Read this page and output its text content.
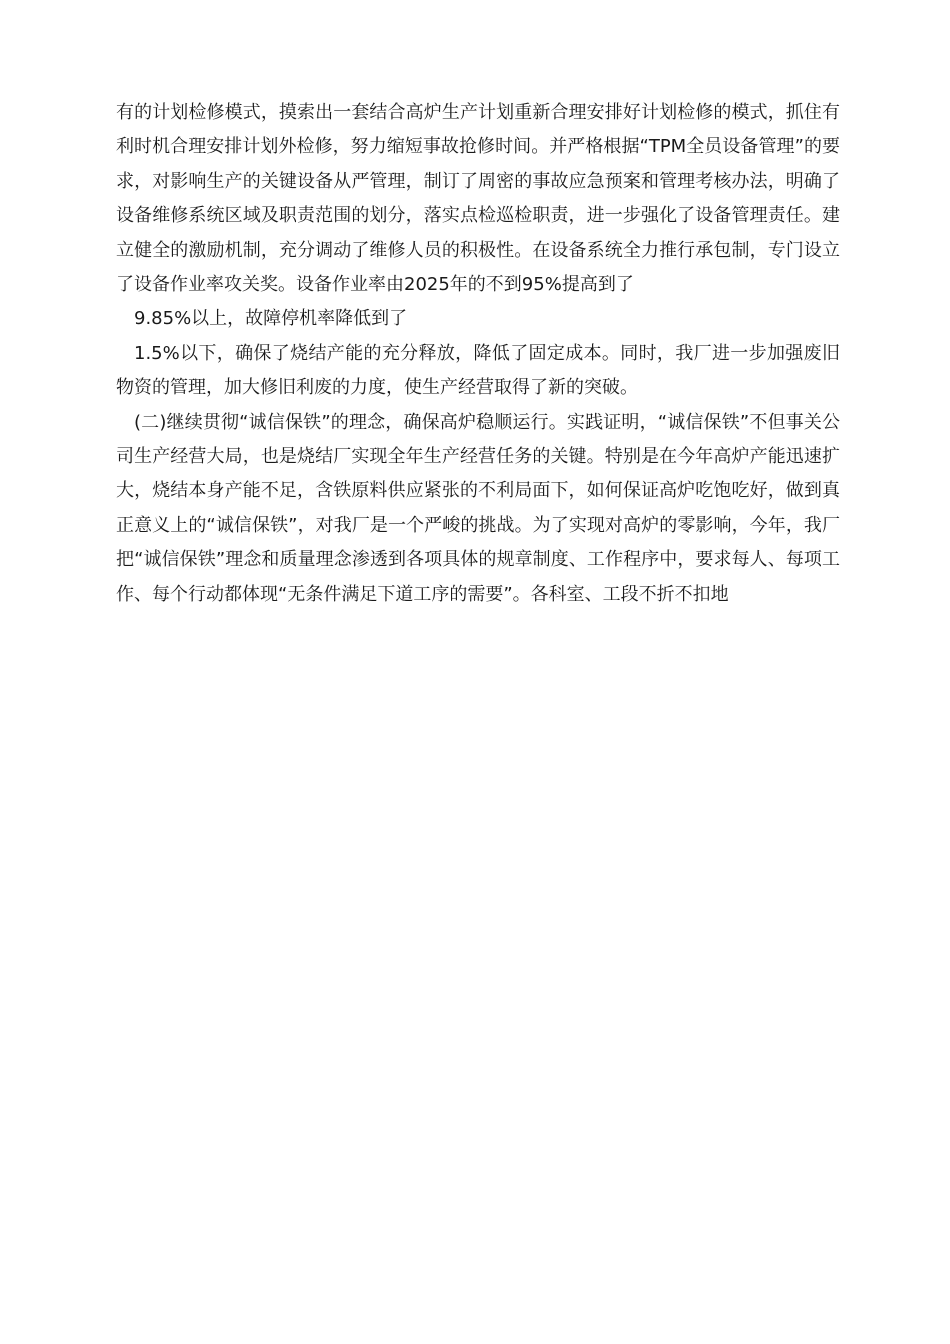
有的计划检修模式，摸索出一套结合高炉生产计划重新合理安排好计划检修的模式，抓住有利时机合理安排计划外检修，努力缩短事故抢修时间。并严格根据“TPM全员设备管理”的要求，对影响生产的关键设备从严管理，制订了周密的事故应急预案和管理考核办法，明确了设备维修系统区域及职责范围的划分，落实点检巡检职责，进一步强化了设备管理责任。建立健全的激励机制，充分调动了维修人员的积极性。在设备系统全力推行承包制，专门设立了设备作业率攻关奖。设备作业率由2025年的不到95%提高到了

9.85%以上，故障停机率降低到了

1.5%以下，确保了烧结产能的充分释放，降低了固定成本。同时，我厂进一步加强废旧物资的管理，加大修旧利废的力度，使生产经营取得了新的突破。

(二)继续贯彻“诚信保铁”的理念，确保高炉稳顺运行。实践证明，“诚信保铁”不但事关公司生产经营大局，也是烧结厂实现全年生产经营任务的关键。特别是在今年高炉产能迅速扩大，烧结本身产能不足，含铁原料供应紧张的不利局面下，如何保证高炉吃饱吃好，做到真正意义上的“诚信保铁”，对我厂是一个严峻的挑战。为了实现对高炉的零影响，今年，我厂把“诚信保铁”理念和质量理念渗透到各项具体的规章制度、工作程序中，要求每人、每项工作、每个行动都体现“无条件满足下道工序的需要”。各科室、工段不折不扣地
